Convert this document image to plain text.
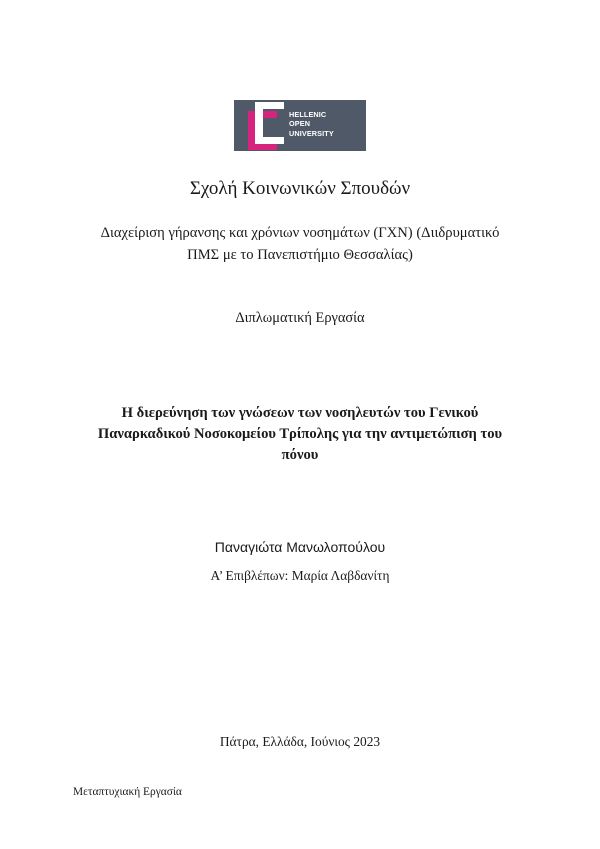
HELLENIC
OPEN
UNIVERSITY
Σχολή Κοινωνικών Σπουδών
Διαχείριση γήρανσης και χρόνιων νοσημάτων (ΓΧΝ) (Διιδρυματικό
ΠΜΣ με το Πανεπιστήμιο Θεσσαλίας)
Διπλωματική Εργασία
Η διερεύνηση των γνώσεων των νοσηλευτών του Γενικού
Παναρκαδικού Νοσοκομείου Τρίπολης για την αντιμετώπιση του
πόνου
Παναγιώτα Μανωλοπούλου
Α’ Επιβλέπων: Μαρία Λαβδανίτη
Πάτρα, Ελλάδα, Ιούνιος 2023
Μεταπτυχιακή Εργασία
